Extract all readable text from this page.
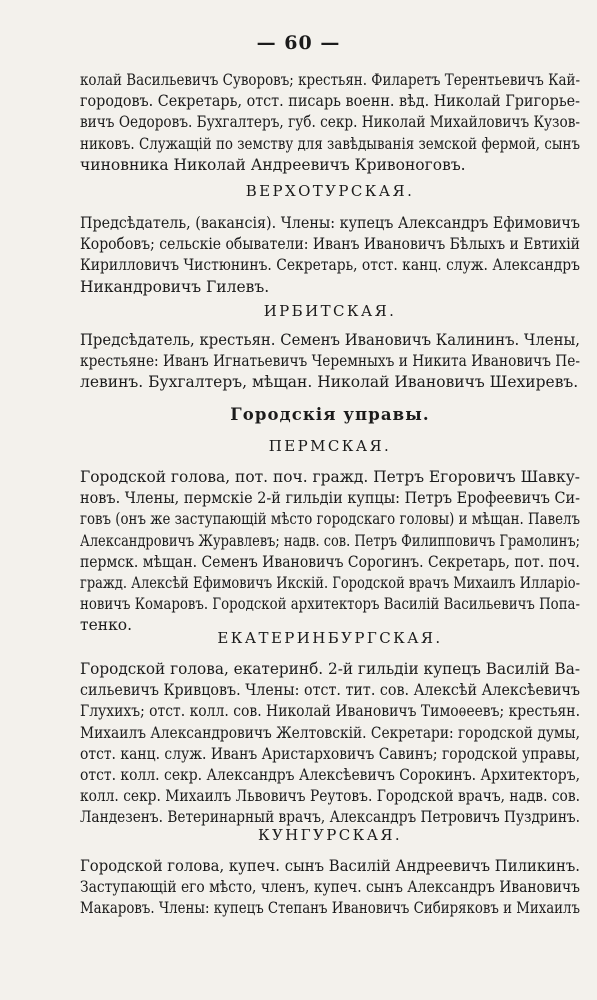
— 60 —
колай Васильевичъ Суворовъ; крестьян. Филаретъ Терентьевичъ Кай-
городовъ. Секретарь, отст. писарь военн. вѣд. Николай Григорье-
вичъ Оедоровъ. Бухгалтеръ, губ. секр. Николай Михайловичъ Кузов-
никовъ. Служащій по земству для завѣдыванія земской фермой, сынъ
чиновника Николай Андреевичъ Кривоноговъ.
ВЕРХОТУРСКАЯ.
Предсѣдатель, (вакансія). Члены: купецъ Александръ Ефимовичъ
Коробовъ; сельскіе обыватели: Иванъ Ивановичъ Бѣлыхъ и Евтихій
Кирилловичъ Чистюнинъ. Секретарь, отст. канц. служ. Александръ
Никандровичъ Гилевъ.
ИРБИТСКАЯ.
Предсѣдатель, крестьян. Семенъ Ивановичъ Калининъ. Члены,
крестьяне: Иванъ Игнатьевичъ Черемныхъ и Никита Ивановичъ Пе-
левинъ. Бухгалтеръ, мѣщан. Николай Ивановичъ Шехиревъ.
Городскія управы.
ПЕРМСКАЯ.
Городской голова, пот. поч. гражд. Петръ Егоровичъ Шавку-
новъ. Члены, пермскіе 2-й гильдіи купцы: Петръ Ерофеевичъ Си-
говъ (онъ же заступающій мѣсто городскаго головы) и мѣщан. Павелъ
Александровичъ Журавлевъ; надв. сов. Петръ Филипповичъ Грамолинъ;
пермск. мѣщан. Семенъ Ивановичъ Сорогинъ. Секретарь, пот. поч.
гражд. Алексѣй Ефимовичъ Икскій. Городской врачъ Михаилъ Илларіо-
новичъ Комаровъ. Городской архитекторъ Василій Васильевичъ Попа-
тенко.
ЕКАТЕРИНБУРГСКАЯ.
Городской голова, екатеринб. 2-й гильдіи купецъ Василій Ва-
сильевичъ Кривцовъ. Члены: отст. тит. сов. Алексѣй Алексѣевичъ
Глухихъ; отст. колл. сов. Николай Ивановичъ Тимоѳеевъ; крестьян.
Михаилъ Александровичъ Желтовскій. Секретари: городской думы,
отст. канц. служ. Иванъ Аристарховичъ Савинъ; городской управы,
отст. колл. секр. Александръ Алексѣевичъ Сорокинъ. Архитекторъ,
колл. секр. Михаилъ Львовичъ Реутовъ. Городской врачъ, надв. сов.
Ландезенъ. Ветеринарный врачъ, Александръ Петровичъ Пуздринъ.
КУНГУРСКАЯ.
Городской голова, купеч. сынъ Василій Андреевичъ Пиликинъ.
Заступающій его мѣсто, членъ, купеч. сынъ Александръ Ивановичъ
Макаровъ. Члены: купецъ Степанъ Ивановичъ Сибиряковъ и Михаилъ
